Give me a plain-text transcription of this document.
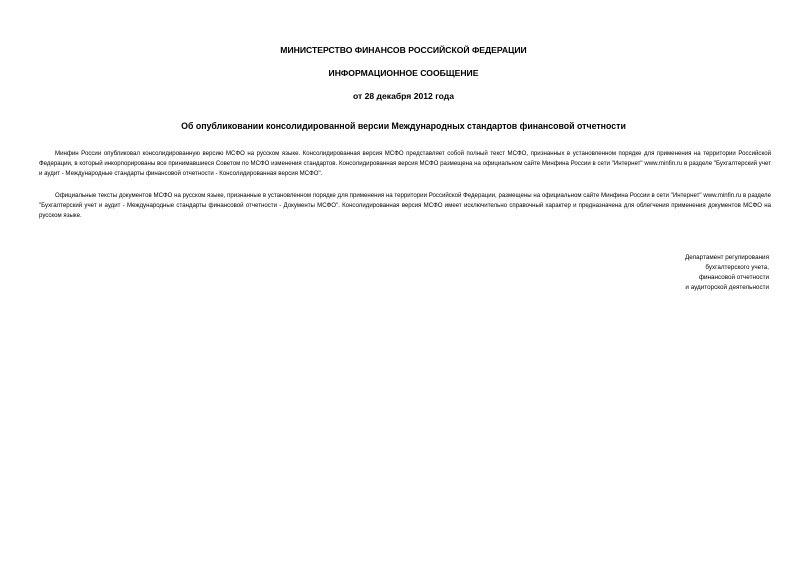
МИНИСТЕРСТВО ФИНАНСОВ РОССИЙСКОЙ ФЕДЕРАЦИИ
ИНФОРМАЦИОННОЕ СООБЩЕНИЕ
от 28 декабря 2012 года
Об опубликовании консолидированной версии Международных стандартов финансовой отчетности

Минфин России опубликовал консолидированную версию МСФО на русском языке. Консолидированная версия МСФО представляет собой полный текст МСФО, признанных в установленном порядке для применения на территории Российской Федерации, в который инкорпорированы все принимавшиеся Советом по МСФО изменения стандартов. Консолидированная версия МСФО размещена на официальном сайте Минфина России в сети "Интернет" www.minfin.ru в разделе "Бухгалтерский учет и аудит - Международные стандарты финансовой отчетности - Консолидированная версия МСФО".

Официальные тексты документов МСФО на русском языке, признанные в установленном порядке для применения на территории Российской Федерации, размещены на официальном сайте Минфина России в сети "Интернет" www.minfin.ru в разделе "Бухгалтерский учет и аудит - Международные стандарты финансовой отчетности - Документы МСФО". Консолидированная версия МСФО имеет исключительно справочный характер и предназначена для облегчения применения документов МСФО на русском языке.

Департамент регулирования
бухгалтерского учета,
финансовой отчетности
и аудиторской деятельности
